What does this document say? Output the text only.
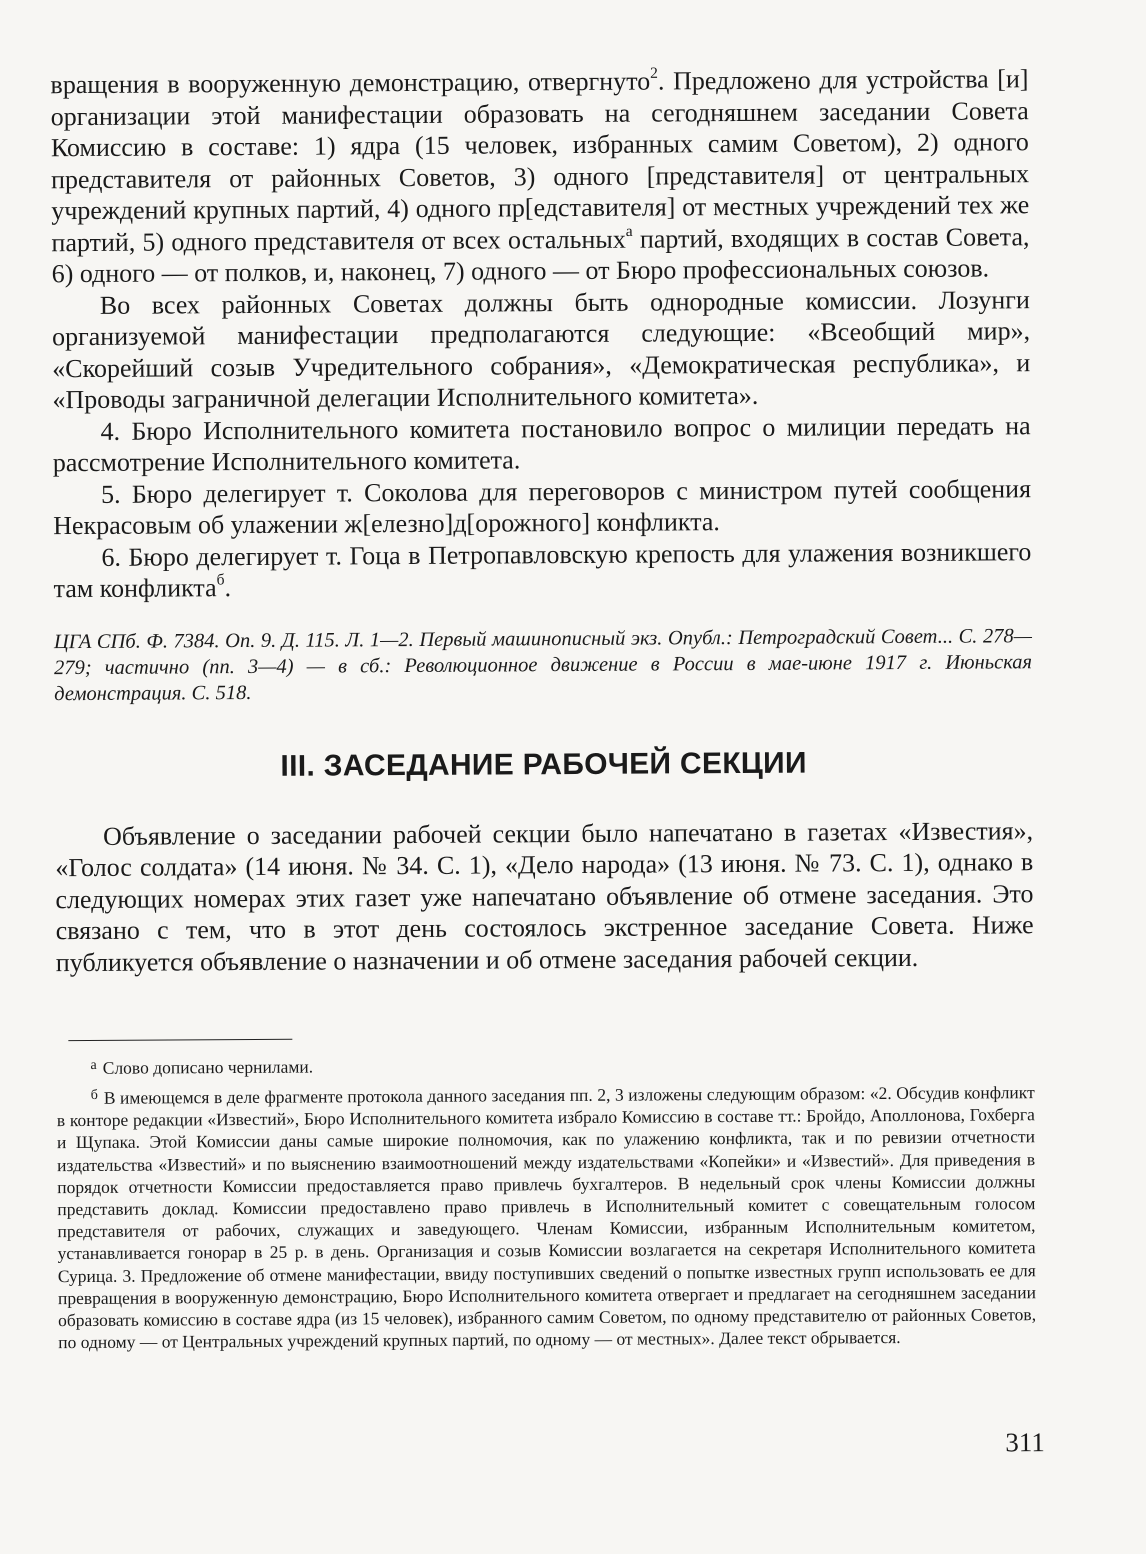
вращения в вооруженную демонстрацию, отвергнуто$^2$. Предложено для устройства [и] организации этой манифестации образовать на сегодняшнем заседании Совета Комиссию в составе: 1) ядра (15 человек, избранных самим Советом), 2) одного представителя от районных Советов, 3) одного [представителя] от центральных учреждений крупных партий, 4) одного пр[едставителя] от местных учреждений тех же партий, 5) одного представителя от всех остальных$^а$ партий, входящих в состав Совета, 6) одного — от полков, и, наконец, 7) одного — от Бюро профессиональных союзов.

Во всех районных Советах должны быть однородные комиссии. Лозунги организуемой манифестации предполагаются следующие: «Всеобщий мир», «Скорейший созыв Учредительного собрания», «Демократическая республика», и «Проводы заграничной делегации Исполнительного комитета».

4. Бюро Исполнительного комитета постановило вопрос о милиции передать на рассмотрение Исполнительного комитета.

5. Бюро делегирует т. Соколова для переговоров с министром путей сообщения Некрасовым об улажении ж[елезно]д[орожного] конфликта.

6. Бюро делегирует т. Гоца в Петропавловскую крепость для улажения возникшего там конфликта$^б$.

ЦГА СПб. Ф. 7384. Оп. 9. Д. 115. Л. 1—2. Первый машинописный экз. Опубл.: Петроградский Совет... С. 278—279; частично (пп. 3—4) — в сб.: Революционное движение в России в мае-июне 1917 г. Июньская демонстрация. С. 518.

III. ЗАСЕДАНИЕ РАБОЧЕЙ СЕКЦИИ

Объявление о заседании рабочей секции было напечатано в газетах «Известия», «Голос солдата» (14 июня. № 34. С. 1), «Дело народа» (13 июня. № 73. С. 1), однако в следующих номерах этих газет уже напечатано объявление об отмене заседания. Это связано с тем, что в этот день состоялось экстренное заседание Совета. Ниже публикуется объявление о назначении и об отмене заседания рабочей секции.

$^а$ Слово дописано чернилами.

$^б$ В имеющемся в деле фрагменте протокола данного заседания пп. 2, 3 изложены следующим образом: «2. Обсудив конфликт в конторе редакции «Известий», Бюро Исполнительного комитета избрало Комиссию в составе тт.: Бройдо, Аполлонова, Гохберга и Щупака. Этой Комиссии даны самые широкие полномочия, как по улажению конфликта, так и по ревизии отчетности издательства «Известий» и по выяснению взаимоотношений между издательствами «Копейки» и «Известий». Для приведения в порядок отчетности Комиссии предоставляется право привлечь бухгалтеров. В недельный срок члены Комиссии должны представить доклад. Комиссии предоставлено право привлечь в Исполнительный комитет с совещательным голосом представителя от рабочих, служащих и заведующего. Членам Комиссии, избранным Исполнительным комитетом, устанавливается гонорар в 25 р. в день. Организация и созыв Комиссии возлагается на секретаря Исполнительного комитета Сурица. 3. Предложение об отмене манифестации, ввиду поступивших сведений о попытке известных групп использовать ее для превращения в вооруженную демонстрацию, Бюро Исполнительного комитета отвергает и предлагает на сегодняшнем заседании образовать комиссию в составе ядра (из 15 человек), избранного самим Советом, по одному представителю от районных Советов, по одному — от Центральных учреждений крупных партий, по одному — от местных». Далее текст обрывается.

311
